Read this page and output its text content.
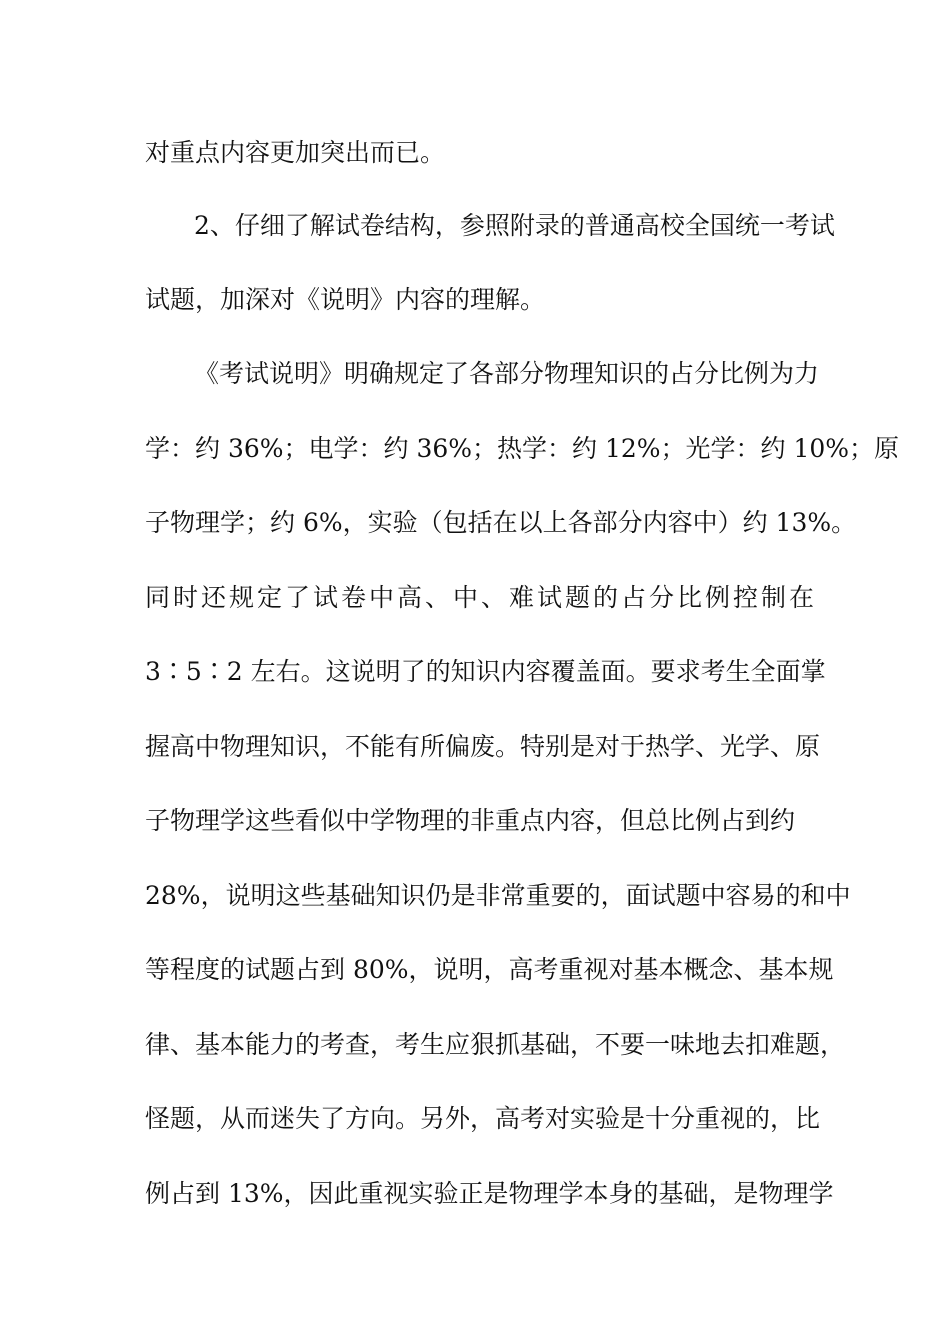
对重点内容更加突出而已。
2、仔细了解试卷结构，参照附录的普通高校全国统一考试
试题，加深对《说明》内容的理解。
《考试说明》明确规定了各部分物理知识的占分比例为力
学：约 36%；电学：约 36%；热学：约 12%；光学：约 10%；原
子物理学；约 6%，实验（包括在以上各部分内容中）约 13%。
同时还规定了试卷中高、中、难试题的占分比例控制在
3∶5∶2 左右。这说明了的知识内容覆盖面。要求考生全面掌
握高中物理知识，不能有所偏废。特别是对于热学、光学、原
子物理学这些看似中学物理的非重点内容，但总比例占到约
28%，说明这些基础知识仍是非常重要的，面试题中容易的和中
等程度的试题占到 80%，说明，高考重视对基本概念、基本规
律、基本能力的考查，考生应狠抓基础，不要一味地去扣难题，
怪题，从而迷失了方向。另外，高考对实验是十分重视的，比
例占到 13%，因此重视实验正是物理学本身的基础，是物理学
